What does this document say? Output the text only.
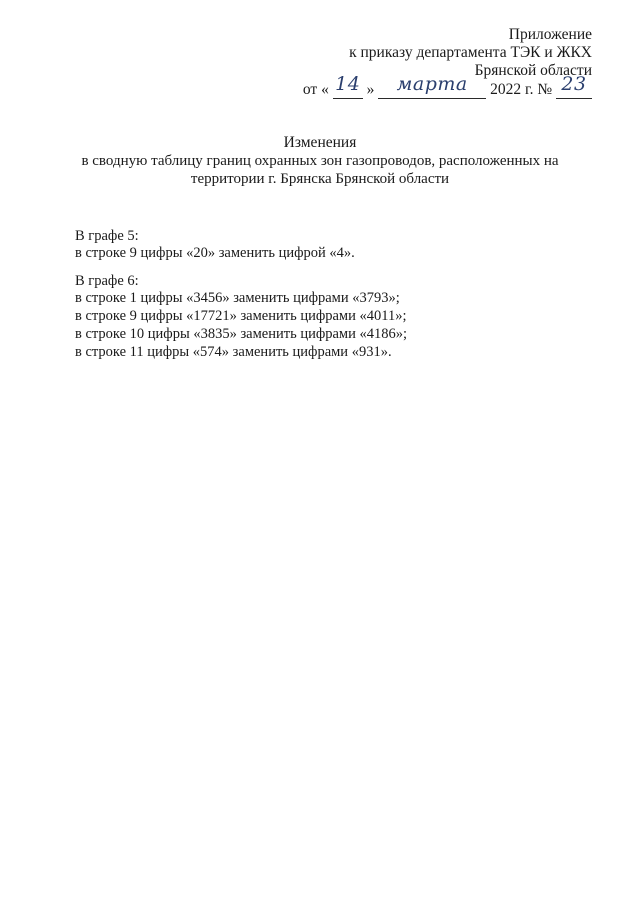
Приложение
к приказу департамента ТЭК и ЖКХ
Брянской области
от « 14 » марта 2022 г. № 23
Изменения
в сводную таблицу границ охранных зон газопроводов, расположенных на
территории г. Брянска Брянской области
В графе 5:
в строке 9 цифры «20» заменить цифрой «4».
В графе 6:
в строке 1 цифры «3456» заменить цифрами «3793»;
в строке 9 цифры «17721» заменить цифрами «4011»;
в строке 10 цифры «3835» заменить цифрами «4186»;
в строке 11 цифры «574» заменить цифрами «931».
